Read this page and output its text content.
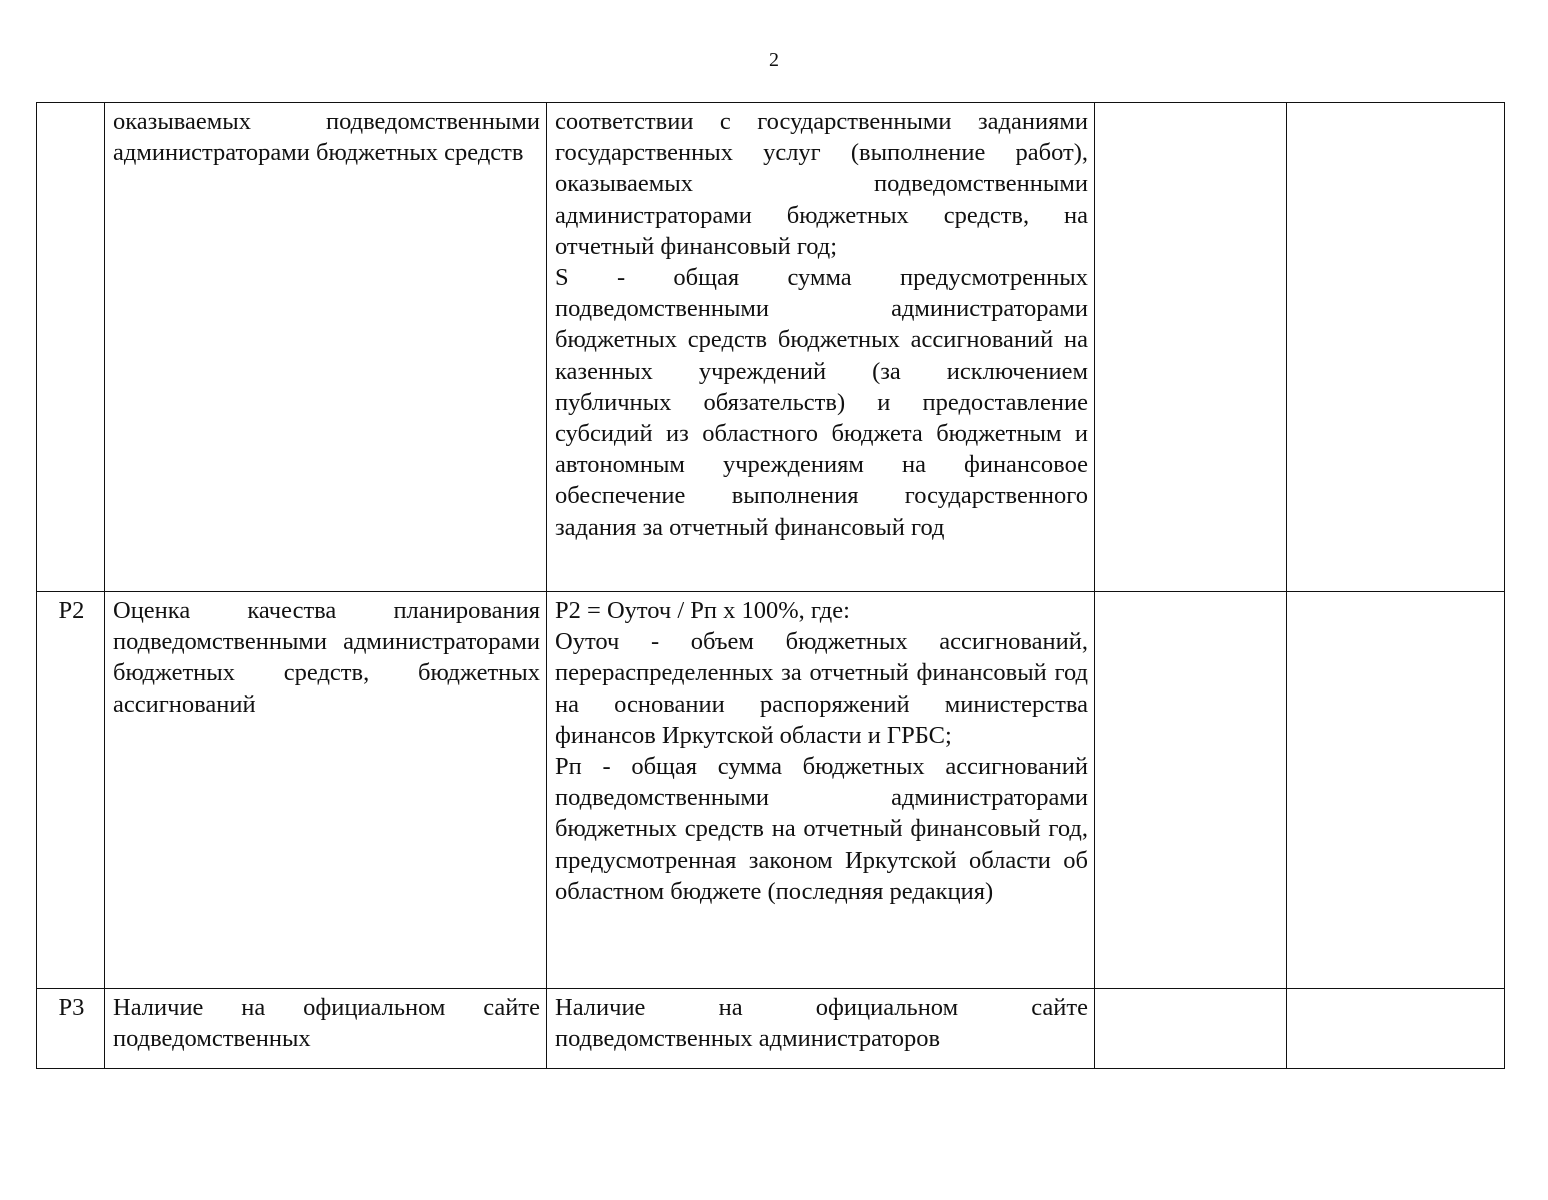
2
	оказываемых подведомственными администраторами бюджетных средств	соответствии с государственными заданиями государственных услуг (выполнение работ), оказываемых подведомственными администраторами бюджетных средств, на отчетный финансовый год;

S - общая сумма предусмотренных подведомственными администраторами бюджетных средств бюджетных ассигнований на казенных учреждений (за исключением публичных обязательств) и предоставление субсидий из областного бюджета бюджетным и автономным учреждениям на финансовое обеспечение выполнения государственного задания за отчетный финансовый год		

Р2	Оценка качества планирования подведомственными администраторами бюджетных средств, бюджетных ассигнований	Р2 = Оуточ / Рп х 100%, где:

Оуточ - объем бюджетных ассигнований, перераспределенных за отчетный финансовый год на основании распоряжений министерства финансов Иркутской области и ГРБС;

Рп - общая сумма бюджетных ассигнований подведомственными администраторами бюджетных средств на отчетный финансовый год, предусмотренная законом Иркутской области об областном бюджете (последняя редакция)		

Р3	Наличие на официальном сайте подведомственных	Наличие на официальном сайте подведомственных администраторов		
